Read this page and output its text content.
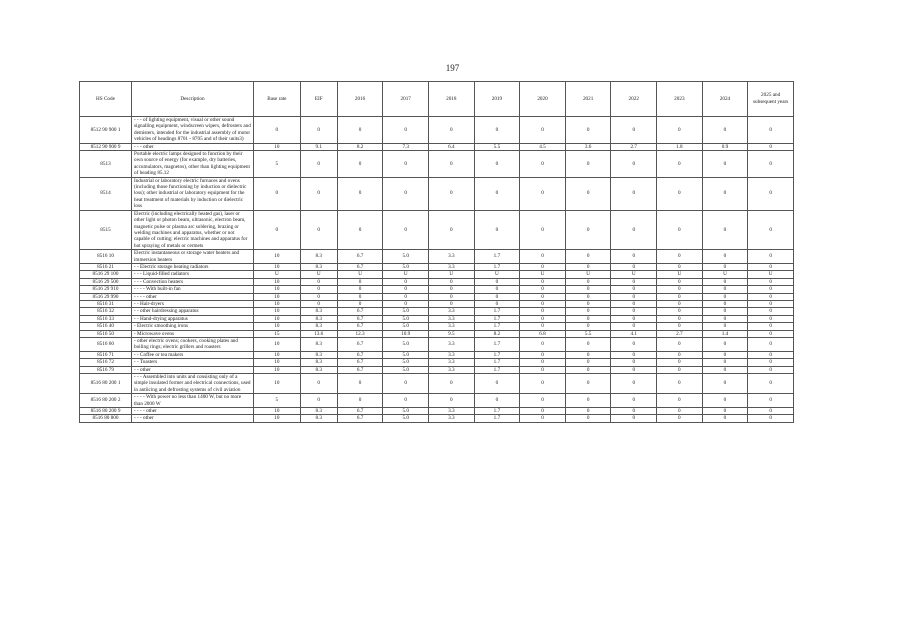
197
HS Code	Description	Base rate	EIF	2016	2017	2018	2019	2020	2021	2022	2023	2024	2025 and subsequent years
8512 90 900 1	- - - of lighting equipment, visual or other sound signalling equipment, windscreen wipers, defrosters and demisters, intended for the industrial assembly of motor vehicles of headings 8701 - 8705 and of their units3)	0	0	0	0	0	0	0	0	0	0	0	0
8512 90 900 9	- - - other	10	9.1	8.2	7.3	6.4	5.5	4.5	3.6	2.7	1.8	0.9	0
8513	Portable electric lamps designed to function by their own source of energy (for example, dry batteries, accumulators, magnetos), other than lighting equipment of heading 85.12	5	0	0	0	0	0	0	0	0	0	0	0
8514	Industrial or laboratory electric furnaces and ovens (including those functioning by induction or dielectric loss); other industrial or laboratory equipment for the heat treatment of materials by induction or dielectric loss	0	0	0	0	0	0	0	0	0	0	0	0
8515	Electric (including electrically heated gas), laser or other light or photon beam, ultrasonic, electron beam, magnetic pulse or plasma arc soldering, brazing or welding machines and apparatus, whether or not capable of cutting; electric machines and apparatus for hot spraying of metals or cermets	0	0	0	0	0	0	0	0	0	0	0	0
8516 10	Electric instantaneous or storage water heaters and immersion heaters	10	8.3	6.7	5.0	3.3	1.7	0	0	0	0	0	0
8516 21	- - Electric storage heating radiators	10	8.3	6.7	5.0	3.3	1.7	0	0	0	0	0	0
8516 29 100	- - - Liquid-filled radiators	U	U	U	U	U	U	U	U	U	U	U	U
8516 29 500	- - - Convection heaters	10	0	0	0	0	0	0	0	0	0	0	0
8516 29 910	- - - - With built-in fan	10	0	0	0	0	0	0	0	0	0	0	0
8516 29 990	- - - - other	10	0	0	0	0	0	0	0	0	0	0	0
8516 31	- - Hair-dryers	10	0	0	0	0	0	0	0	0	0	0	0
8516 32	- - other hairdressing apparatus	10	8.3	6.7	5.0	3.3	1.7	0	0	0	0	0	0
8516 33	- - Hand-drying apparatus	10	8.3	6.7	5.0	3.3	1.7	0	0	0	0	0	0
8516 40	- Electric smoothing irons	10	8.3	6.7	5.0	3.3	1.7	0	0	0	0	0	0
8516 50	- Microwave ovens	15	13.6	12.3	10.9	9.5	8.2	6.8	5.5	4.1	2.7	1.4	0
8516 60	- other electric ovens; cookers, cooking plates and boiling rings; electric grillers and roasters	10	8.3	6.7	5.0	3.3	1.7	0	0	0	0	0	0
8516 71	- - Coffee or tea makers	10	8.3	6.7	5.0	3.3	1.7	0	0	0	0	0	0
8516 72	- - Toasters	10	8.3	6.7	5.0	3.3	1.7	0	0	0	0	0	0
8516 79	- - other	10	8.3	6.7	5.0	3.3	1.7	0	0	0	0	0	0
8516 80 200 1	- - - Assembled into units and consisting only of a simple insulated former and electrical connections, used in antiicing and defrosting systems of civil aviation	10	0	0	0	0	0	0	0	0	0	0	0
8516 80 200 2	- - - - With power no less than 1400 W, but no more than 2000 W	5	0	0	0	0	0	0	0	0	0	0	0
8516 80 200 9	- - - - other	10	8.3	6.7	5.0	3.3	1.7	0	0	0	0	0	0
8516 80 800	- - - other	10	8.3	6.7	5.0	3.3	1.7	0	0	0	0	0	0
